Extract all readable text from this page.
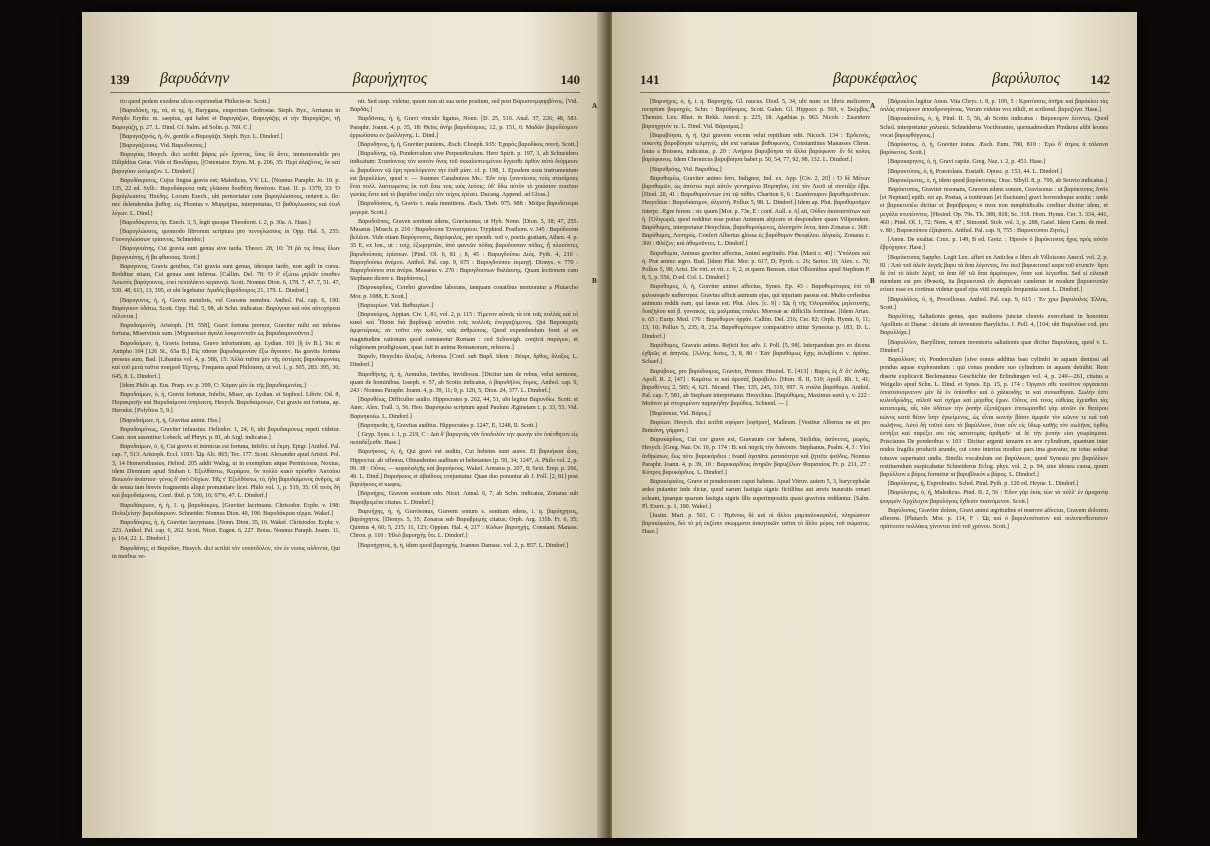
139 βαρυδάνην	140

rio quod pedem exedens ulcus exprimebat Philocte-te. Scott.]

[Βαρυδάκη, ης, τά, et ης, ή, Barygaza, emporium Gedrosiæ. Steph. Byz., Arrianus in Periplo Erythr. m. saepius, qui habet et Βαρυγάζων, Βαρυγάζης et τὴν Βαρυγάζαν, τῇ Βαρυγάζῃ, p. 27. L. Dind. Cf. Salm. ad Solin. p. 769. C.]

[Βαρυγαζηνός, ἡ, ὄν, gentile a Βαρυγάζα. Steph. Byz. L. Dindorf.]

[Βαρυγάζουσις. Vid. Βαρυδουπος.]

Βαρυγύας Hesych. dici scribit βάρος μὲν ἔχοντας, ἴσος δὲ ἄντε, immemorabile pro Diliphlius Getæ. Vide et Βουδάρας. [|Ostentator. Etym. M. p. 206, 35: Περὶ ἀλαζόνος, ὅν καὶ βαρυγύαν ώνόμαζον. L. Dindorf.]

Βαρυδάκρυτος, Cujus lingua gravis est; Maledicus, VV. LL. [Nonnus Paraphr. Jo. 10. p. 135, 22 ed. Sylb.: Βαρυδάκρυτα παῖς γλῶσσα δυσθέτη θανάτου. Eust. II. p. 1379, 33: Ὁ βαρύγλωσσος Ἠπέδης. Locum Ezech., ubi pernoctatur cum βαρυγλώσσους, notavit s. Ilo: nec delendendus βαθυχ. είς Phonius v. Μυρμήρια, interpretatus, Ὁ βαθύγλωσσος καὶ ἐτυδ λέγων. L. Dind.]

[Βαρυδάκρυτος ὀρ. Ezech. 3, 5, legit quoque Theodoret. t. 2, p. 30a. A. Hase.]

[Βαρυγλώσσος, quomodo librorum scriptura pro πενυγλώσσος in Opp. Hal. 5, 255: Γουνυγλώσσων τρίαινοις. Schneider.]

[Βαρυγυιάτης, Cui gravia sunt genua sive tarda. Theocr. 28, 10: Ἦ ῥά τις ὅπως ἔλων βαρυγυιάτης, ἢ βα φθαοσας. Scott.]

Βαρυγυνος, Gravis genibus, Cui gravia sunt genua, ideoque tardo, non agili in cursu. Redditur etiam, Cui genua sunt infirma. [Callim. Del. 78: Ὁ δ' ἐξώτω μηλῶν ἐπισθεν Ἀσωπὸς βαρύγουνος, ἐπεί πεπαλάκτο κεραυνῷ. Scott. Nonnus Dion. 6, 178. 7, 47. 7, 51. 47, 530. 48, 613, 13, 395, et ubi legebatur Αγαδός βαρύδουρος 21, 179. L. Dindorf.]

[Βαρυγυνος, ἡ, ἡ, Gravis membris, vel Gravans membra. Anthol. Pal. cap. 6, 190: Βαρύγυιον ὑδάτω, Scott. Opp. Hal. 5, 98, ab Schn. indicatus: Βαρύγυια καὶ οὐκ αὐτοχόρεια πέλονται.]

Βαρυδαιμονίη, Aristoph. [Ἡ. 558], Gravi fortuna premor, Graviter mihi est infensa fortuna, Miservimis sum. [Μηρικοὺων ἀγαλὰ λυκμτοντοῦν ὡς βαρυδαιμονοῦντα.]

Βαρυδαίμων, ἡ, Gravis fortuna, Gravo infortunium, ap. Lydian. 101 [ἢ ἐν Β.]. Sic et Antipho 104 [126 St., 65a B.] Εἰς πᾶσαν βαρυδαιμονίαν ἔξω ἄγουσιν. Ita graviis fortuna pressus sum, Bad. [Libanius vol. 4, p. 586, 15: Ἀλλὰ ταῦτα μὲν τῆς ὑστέρας βαρυδαιμονίας καὶ τοῦ μετὰ ταῦτα ποιηροῦ Τέχνης. Frequens apud Philonem, ut vol. 1, p. 505, 283. 395, 36; 645, 8. L. Dindorf.]

[Idem Philo ap. Eus. Præp. ev. p. 399, C: Χάραν μὲν ἐκ τῆς βαρυδαιμονίας.]

Βαρυδαίμων, ὁ, ἡ, Gravis fortunæ, Infelix, Miser, ap. Lydian. et Sophocl. Libriv. Od. 8, Παρακριτῆν καὶ Βαρυδαίμονα ὑπηλεκτη. Hesych. Βαρυδαιμονων, Cui gravis est fortuna, ap. Herodot. [Polybios 5, 9.]

[Βαρυδαίμων, ἡ, ἡ, Gravitas animi. Hes.]

Βαρυδαιμόνως, Graviter infaustus. Heliodor. 1, 24, 6, ubi βαρυδαιμόνως repeti videtur. Casn. non assentitur Lobeck. ad Phryn. p. 81, ab Argl. indicatus.]

Βαρυδαίμων, ὁ, ἡ, Cui gravis et inimicus est fortuna, Infelix: ut ἔκμη. Epigr. [Anthol. Pal. cap. 7, 513: Aristoph. Eccl. 1103: Ὦμ Alc. 865; Tec. 177. Scott. Alexander apud Aristot. Pol. 3, 14 Homerotbusius, Heliod. 205 addit Walzg, ut in exemplum atque Permicosus, Noxius, idem Diomium apud Stuban t. Ἐξελθάστω, Κεράμου, ὃν πολλὸ κακὸ πρὸσθεν Ἀκταίου Βοιωτόν ἀνάστου· γένος δ' ὑπὸ Οὐχίων. Ἠΐς τ' Ἐξελθόστω, τὸ, ἢδη βαρυδαίμονος ἀνδρὸς, ut de sensu tam brevis fragmentis aliqui pronuntiare licet. Philo vol. 1, p. 519, 35: Οἷ τινὸς δὴ καὶ βαρυδαίμονος. Conf. ibid. p. 530, 16; 67%, 47. L. Dindorf.]

Βαρυδάκρυον, ἡ, ἡ, 1. q. βαρυδάκρυς. [Graviter lacrimans. Chrisodor. Ecphr. v. 198: Πολυξείνην βαρυδάκρυον. Schneider. Nonnus Dion. 40, 196: Βαρυδάκρυα τέρμα. Wakef.]

Βαρυδάκρυς, ἡ, ἡ, Graviter lacrymans. [Nonn. Dion. 35, 16. Wakef. Christodor. Ecphr. v. 223. Anthol. Pal. cap. 6, 262. Scott. Nicet. Eugen. 6, 227. Boiss. Nonnus Paraph. Joann. 11, p. 164, 22. L. Dindorf.]

Βαρυδάνης, et Βαρύδαν, Hesych. dici scribit τὸν νοουτδόλον, τὸν ἐν νοσος αλδοντα, Qui in morbus ve-

nit. Sed susp. videtur, quum non sit sua serie positum, sed post Βαρυσυνμφαρβόνος. [Vid. Βαρδᾶς.]

Βαρδᾶναις, ἡ, ἡ, Gravi vinculo ligatus, Nonn. [D. 25, 510. Anal. 37, 226; 48, 583. Paraphr. Joann. 4, p. 35, 18: Θεῖος ἀνὴρ βαρυδέσμιος. 12, p. 151, 6: Μαδῶν βαρυδέσμιον ἐρρωλίσσω εν ζωέλληνης. L. Dind.]

[Βαρυδηνος, ἡ, ἡ, Graviter puniens, Æsch. Choeph. 935: Ἐχαρὸς βαρυδίκος ποινή. Scott.]

[Βαρυδίνης, τῷ, Ponderculum sive Perpendiculum. Hero Spirit. p. 197, 3, ab Schneidero indicatum: Στασίοντος τὸν κοινὸν ὄνος τοῦ ἐκκαλυπτειμένου ἔγγεσθε ἀρθὸν αὐτὸ διόρμουν ὡ. βαρυδινον τῷ ἐρη προελόμενον τὴν ἐπίθ μίαν. cf. p. 198, 1. Ejusdem usus instrumentum est βαρυλλίων, quod v. — Joannes Canabutzes Ms.: Ἐδν πόρ ξυνεπίεσος τοὺς στασίμους ἕναι πολλ. λαπτωμενος ἐκ τοῦ ἔσω τοις ιοὺς λεόοις: ὑδ' ὕδω αὐτὸν τὸ χοιόσιον ποιεῖται γωνίας ἔστε καὶ τὸ βαρύδνε ἰσαξει τὸν τείχος ἐρέσει. Ducang. Append. ad Gloss.]

[Βαρυδόσαος, ἡ, Gravis τ. mala immittens. Æsch. Theb. 975. 988 : Μοῖρα βαρυδότειρα μογερά. Scott.]

Βαρυδοῦπος, Graven sonitum edens, Gravisonus; ut Hyb. Nonn. [Dion. 5, 38; 47, 255. Musæus. [Musch. p. 216 : Βαρυδουπα Ἐννοσιγαίου. Tryphiod. Posthom. v. 345 : Βαρύδουπα βελέεσι. Vide etiam Βαρύγουνος, Βαρύφολος, per epenth. τοῦ ν, poetis gratiam, Athen. 4. p. 35 E, ex Ion., ut : τοίχ, ἐξωμηστῶν, ἀπὸ φαντῶν πόδας βαρυδουπαν πόδας, ᾗ πλυσόντες βαρυδούπους ἐρίσσων. [Pind. Ol. 6, 81 ; 8, 45 : Βαρυγδούπω Διός. Pyth. 4, 210 : Βαρυγδούπω ἀνέμου. Anthol. Pal. cap. 9, 675 : Βαρυγδούπου ἐκμαγῇ. Dionys. v. 770 : Βαρυγδούπου στα ἀνέρα. Musaeus v. 270 : Βαρυγδουπων θαλάσσης. Quam lectionem cum Stephano dicere ε. Βαρδάνους.]

[Βαρυκαρδιος, Cerebri gravedine laborans, tanquam conatibus memoratur a Plutarcho Mor. p. 1088, E. Scott.]

[Βαρυερίων. Vid. Βαθυερίων.]

[Βαρυκύμος, Appian. Civ. 1, 81, vol. 2, p. 115 : Τίμενον αὐτοῖς τὰ ἐπὶ τοῖς πολλάς καὶ τὸ κακὸ καὶ Ἦσσα διὰ βαρδυκῷ αὐταῖτο τοῖς πολλοῖς ἐνεργαζόμενος. Qui Βαρυκερεῖς ἀμφοτέρους. αν τοῦτο τὴν καλὸν, τοῖς ἀνθρώποις. Quod expendendum foret si ex magnitudine rationum quod constaretur Romam : ced Schweigh. conjicit παρέγων, et religionem prodigiosam, quae fuit in anima Romanorum, referens.]

Βαρυΐν, Hesychio ἄλαξος, Arborea. [Conf. sub Βαρδ. Idem : Βέαρι, δρθος, ἄλαξος. L. Dindorf.]

Βαρυθήκης, ἡ, ἡ, Aemulus, Invidus, Invidiosus. [Dicitur tam de rebus, velut sermone, quam de hominibus. Ioseph. v. 57, ab Scotto indicatus, ὁ βαρυδῆλος δομος. Anthol. cap. 9, 243 : Nonnus Paraphr. Joann. 4, p. 39, 11; 9, p. 120, 5; Dion. 24, 377. L. Dindorf.]

[Βαρυθέως, Difficulter audio. Hippocrates p. 262, 44, 51, ubi legitur Βαρυνδίω. Scott. et Anec. Alex. Trall. 3, 56. Heo. Βαρυηκόω scriptum apud Paulum Æginetam t. p. 33, 55. Vid. Βαρυηκοέω. L. Dindorf.]

[Βαρυηκοΐα, ἡ, Gravitas auditus. Hippocrates p. 1247, E, 1248, II. Scott.]

[ Gryp. Syns. t. 1, p. 219, C : Διὰ δ' βαρυγνάς νῦν ὅποδολόν τὴν φωνὴν τὸν ὀπένθητον εἰς πεπαδέξεσθε. Hase.]

Βαρυήκοος, ὁ, ἡ, Qui gravi est auditu, Cui hebetes sunt aures. Et βαρυήκοα ὦτα, Hippocrat. ab offensu, Obtundentes auditum et hebetantes [p. 50, 34; 1247, A. Philo vol. 2, p. 99. 38 : Οὖτος — κεφαλαλγῆς καὶ βαρυήκοος. Wakef. Aretæus p. 207, 8; Sext. Emp. p. 266, 49. L. Dind.] Βαρυήκοος et ἀβαίδους conjuntatur. Quae duo ponuntur ab J. Poll. [2, 81] post βαρυήκοος et κωφος.

[Βαρυήχος, Gravem sonitum edo. Nicet. Annal. 6, 7, ab Schn. indicatus, Zonaras sub Βαρυβρεμέτα citatus. L. Dindorf.]

Βαρυήχης, ἡ, ἡ, Gravisonus, Gravem sonum s. sonitum edens, i. q. βαρύηχητος, βαρύηχητος. [Dionys. 5, 35; Zonaras sub Βαρυβρεμής citatus; Orph. Arg. 135b. Fr. 6, 35; Quintus 4, 60; 5, 215; 11, 123; Oppian. Hal. 4, 217 : Κύδων βαρυηχής. Constant. Manass. Chron. p. 110 : Ἠλιὸ βαρυηχὴς ὅτι. L. Dindorf.]

[Βαρυήχητος, ἡ, ἡ, idem quod βαρυηχής. Joannes Damasc. vol. 2, p. 857. L. Dindorf.]

A
B
141	βαρυκέφαλος	βαρύλυπος 142

[Βαρυήχος, ὁ, ἡ, i. q. Βαρυηχής. Gl. raucus. Diod. 5, 34, ubi nunc ex libris meliorem receptum βαρυηχές. Schn. : Βαρύδρομος. Scott. Galen. Gl. Hippocr. p. 569, v. Σκέμβος. Themist. Lex. Rhet. in Bekk. Anecd. p. 225, 18. Agathias p. 963. Nicols : Σιωπᾶσιν βαρυηχητόν τε. L. Dind. Vid. Βάρισμας.]

[Βαρυβόησα, ἡ, ἡ, Qui gravem vocem velut reptilium edit. Nicoch. 134 : Ἐρδεινός, οὐκενὴς βαρυβόησα τελμηνές, ubi ext variatas βαθυφωνός. Constantinus Manasses Chron. louto a Boissou, indicatus, p. 20 : Ἀνήρου βαρυβόησα τὰ ἄλλα βαρύφωνα· ἔν δὲ κόλος βαρύφοινος. Idem Chronicus βαρυβόησα habet p. 50, 54, 77, 92, 98, 132. L. Dindorf.]

[Βαρυθρόης, Vid. Βαρυθόις.]

Βαρυθυμέω, Graviter animo fero, Indignor, Ind. ex. App. [Civ. 2, 20] : Ὁ δὲ Μέτων βαρυθυμῶν, ὡς ἀπέστω περὶ αὐτὸν γεννημένω Πομπηΐου, ἐπὶ τὸν Λεοῦ αἶ συντάξα ἐβρι. [Diod. 20, 41 : Βαρυθυμούντων ἐπὶ τῷ πάθει. Chariton 6, 6 : Σωσάνουρον βαρυθυμοῦντων. Hesychius : Βαρυδιάσιμον, ἀλγιστή. Pollux 5, 98. L. Dindorf.] Idem ap. Plut. βαρυθυμοῦμεν interpr. Ægre ferens : sic quum [Mor. p. 73e, E : conf. Aull. e. 6] ait, Οὐδεν ἀκαταστάτων καὶ ἡ. [Ὀλιγωρῶ, quod redditur esse potius Animum abjicere et despondere quam Vilipendere. Βαρύθυμος, interpretatur Hesychius, βαρυθυμούμενος, ἀλυπηρὸν ὄντα, item Zonaras c. 368 : Βαρύθυμος, Λυπηρὸς. Confert Albertus glossa ἐς βαρύθυμον Θεοφίλου. ἀλγικός. Zonaras c. 360 : Φλέζεν, καὶ ἀθυμοῦντες. L. Dindorf.]

Βαρυθυμία, Animus graviter affectus, Animi aegritudo. Plut. [Marii c. 40] : Ὑπόλυσε καὶ ἡ. Præ animo ægro. Bud. [Idem Plut. Mor. p. 617, D; Pyrrh. c. 26; Sertor. 10; Alex. c. 70; Pollux 5, 98; Arist. De virt. et vit. c. 6, 2, et quem Benson. citat Olbionibus apud Stephum P. 8, 5, p. 556, D ed. Col. L. Dindorf.]

Βαρύθυμος, ὁ, ἡ, Graviter animo affectus, Synes. Ep. 43 : Βαρυθυμότερος ἐπὶ τὸ φιλοσοφεῖν καθιστηκα. Gravius afficit animum ejus, qui injuriam passus est. Multo cerlesbus animum reddit eam, qui læsus est. Plut. Alex. [c. 9] : Ὡς ἢ τῆς Ὀλυμπιάδος μηλοτυπῆς, δυσζηλου καὶ β. γυναικός. εἰς μαλμαίας επαλει. Morosæ ac difficilis forminae. [Idem Artax. e. 65 ; Eurip. Med. 176 : Βαρύθυμον ὀργάν. Callim. Del. 216; Cer. 82; Orph. Hymn. 6, 11; 13, 10; Pollux 5, 235; 8, 21a. Βαρυθυμότερον comparativo utitur Synesius p. 183, D. L. Dindorf.]

Βαρύθυμος, Gravato animo. Rejicit hoc adv. J. Poll. [5, 98]. Interpandum pro eo dicens ἐχθρῶς et ἀπηνῶς. [Άλλης δεσες, 3, 8, 80 : Ἐάν βαρυθύμως ἔχῃς ἐκλαβέσαι ν. ἀράπο. Schaef.]

Βαρύβους, pro βαρύδουμος, Gravior, Premor. Hesiod. Ἐ. [413] : Βαρὺς ἐς δ' ὅτ' ἀνθής. Apoll. R. 2, [47] : Καμάτω τε καὶ ἀρεσάξ βαρύβελο. [Hom. Il. II, 519; Apoll. Rh. 1, 41; βαρυθέντες 2, 585; 4, 621. Nicand. Ther. 135, 245, 319, 997. Ἀ στάλα βαρύθυμα. Anthol. Pal. cap. 7, 581, ab Stephani interpretatur. Hesychius. [Βαρύθυμος, Maximus κατά γ. v. 222 : Μοῦνον μὲ στοχαμένον παρηκήδην βαρύθεις. Schneid. — ]

[Βαρύσκια, Vid. Βάρυς.]

Βαρύων. Hesych. dici scribit σφύραν [σφῦραν], Malleum. [Vestitur Albertus ne sit pro Βαϊκάνη, γάμραν.]

Βαρυκάρδιος, Cui cor grave est, Gravatum cor habens, Stolidus, ἀσύνετος, μωρὸς, Hesych. [Greg. Naz. Or. 10, p. 174 : Β. καὶ παχεῖς τὴν διάνοιαν. Stephanus, Psalm. 4, 3 : Υἱοὶ ἀνθρώπων, ἕως πότε βαρυκάρδιοι ; Ivantl ἀγαπᾶτε ματαιότητα καὶ ζητεῖτε ψεῦδος. Nonnus Paraphr. Joann. 4, p. 39, 10 : Βαρυκαρδίοις ἀνηρῶν βαρυζέλων Φαρισαίοις Fr. p. 211, 27 : Κύπρος βαρυκάρδιος. L. Dindorf.]

Βαρυκέφαλος, Grave et ponderosum caput habens. Apud Vitruv. autem 5, 3, barycephalæ ædes putantur inde dictæ, quod earum fastigia signis fictilibus aut æreis inauratis ornari soleant, ipsæque quarum fastigia signis illis superimpositis quasi graviora reddantur. [Salm. Pl. Exerc. p. 1, 190. Wakef.]

[Justin. Mart. p. 561, C : Ἡμῖνους δὲ καὶ οἱ ἄλλοι μαμπαλοκεφαλοί, πληρώσουν βαρυκέφαλοι, διὸ τὸ μὴ ἐκζέσιν σκωμματα ἀσκητικῶν ταῦτα τὸ ἄλλο μέρος τοῦ σώματος. Hase.]

[Βάρυκλοι legitur Anon. Vita Chrys. t. 8, p. 109, 5 : Κρατύσσες ἀπῆρε καὶ βαρύκλοι τὰς ὁπλὰς σπείροιον ἀποσδρονηάνιας. Verum videtur vox nihili, et scribend. βαρυζύγα. Hase.]

[Βαρυκάναλος, ὁ, ἡ, Pind. II. 5, 56, ab Scotto indicatus : Βαρυκομπν λέοντες. Quod Schol. interpretatur χαλαπέι. Schneiderus Vociferantes, quemadmodum Pindarus alibi leones vocat βαρυφθόγγους.]

[Βαρύκοτος, ὁ, ἡ, Graviter iratus. Æsch. Eum. 780, 810 : Ἐγὼ δ' ἀτμος ἁ τάλαινα βαρύκοτος. Scott.]

[Βαρυκαρηνος, ὁ, ἡ, Gravi capite. Greg. Naz. t. 2, p. 451. Hase.]

[Βαρυκτύπος, ὁ, ἡ, Præstolans. Eustath. Opusc. p. 153, 44. L. Dindorf.]

[Βαρυκέρωτες, ὁ, ἡ, idem quod βαρύκτυπος. Orac. Sibyll. 8, p. 700, ab Seuvio indicatus.]

Βαρύκτυπος, Graviter resonans, Gravem edens sonum, Gravisonus : ut βαρύκτυπος Jovis [et Neptuni] epith. est ap. Poetas, a tonitruum [et fluctuum] gravi horrendoque sonitu : unde et βαρυκτυπέω dicitur et βαρύβρομος e mox non mmphidicalis creditur dicitur idem, et μεγάλα κτυπέοντος. [Hesiod. Op. 79s. Th. 388, 818; Sc. 318. Hom. Hymn. Cer. 3. 334, 441, 460 ; Pind. Ol. 1, 72; Nem. 4, 87 ; Simonid. Stob. vol. 3, p. 288, Gaisf. Idem Carm. de med. v. 80 ; Βαρυκτύπου ἐξάψαστι. Anthol. Pal. cap. 9, 755 : Βαρυκτύπου Ζηνός.]

[Anon. De exaltat. Crux. p. 149, B ed. Gretz. : Ἠρινόν ὁ βαρύκτυπος ἤχος πρὸς αὐτὸν ἔβρόχησεν. Hase.]

[Βαρύκτυπος Sappho. Legit Lex. affert ex Anticlea e libro ab Villoisono Anecd. vol. 2, p. 81 : Ἀπὸ τοῦ ἀλεῖν λεγεῖς βαρυ τὰ ἄπα λέγοντος, ὅτε ἐκεῖ βαρυκτυπεῖ καρα τοῦ κτυπεῖν· ἄρτι δὲ ἐπὶ τὸ ἀλεῖν λέγεῖ, τὰ ἄπα ὄδ' τῶ ἄπα ἀμφότερον, ὅταν καὶ λέγεσθαι. Sed si εἰλοικᾶ mendum est pro ἐθνικοῖς, ita βαρυκτυπῶ εἶν deprecato candemn in modum βαρυκτυπῶν ετίαιν esse ex cortinus videtur quod ejus vitii exempla frequentia sunt. L. Dindorf.]

[Βαρυλάλος, ὁ, ἡ, Procellosus. Anthol. Pal. cap. 9, 615 : Ἐν χρω βαρυλαλος Ἑλλας. Scott.]

Βαρυλίτης, Saltationis genus, quo mulieres junctæ choreis exercebant in honorem Apollinis et Dianæ : dictum ab inventore Barylicho. J. Poll. 4, [104; ubi Βαρυλίκα cod. pro Βαρυλλίχα.]

[Βαρυλλίον, Barylliion, nomen inventoris saltationis quæ dicitur Βαρυλίκος, quod v. L. Dindorf.]

Βαρύλλιον, τὸ, Ponderculum [sive eonus additus basi cylindri in aquam demissi ad pondus aquae explorandum : qui conus pondere suo cylindrum in aquam deträhit. Rem diserte explicavit Beckmannus Geschichte der Erfindungen vol. 4, p. 240—261, citatus a Weigelio apud Schn. L. Dind. et Synes. Ep. 15, p. 174 : Ὀργανο σθε τοιοῦτον οργασεται ὁποσεσοσμνενον μὲν δὲ ἐν ὀπίσσθεν καὶ ὁ χάλκοιδής τε καὶ συνκαθήσαι. Σωλήν ἐστι κυλινδρώδης, αὐλοῦ καὶ σχήμα καὶ μέγεθος ἔχων. Οὗτος ἐπὶ τινος εὐθείας ἔχεισθαι τὰς κατατομάς, αἷς τῶν ὑδάτων τὴν ῥοπὴν ἐξετάζομεν ἐπιπωμασθεῖ γὰρ αὐτῶν ἐκ θατέρου κώνος κατὰ θέσιν ἴσην ἐγκείμενος, ὡς εἶναι κοινὴν βάσιν ἀμφοῖν τὸν κῶνον τε καὶ τοῦ σωλῆνος. Αὐτὸ δὴ τοῦτό ἐστι τὸ βαρύλλιον, ὅταν οὖν εἰς ὕδωρ καθῇς τὸν σωλῆνα, ὀρθὸς ἑστήξει καὶ παρέξει σοι τὰς κατατομὰς ἀριθμεῖν· αἱ δὲ τὴν ῥοπὴν εἰσι γνωρίσματα. Priscianus De ponderibus v. 103 : Dicitur argenti tenuem ex ære cylindrum, quantum inter nodos fragilis producit arundo, cui cono interius modico pars ima gravatur, ne totus sedeat totusve supernatet undis. Similis vocabulum est βαρύλκιον, quod Synesio pro βαρύλλιον restituendum suspicabatur Schneiderus Eclog. phys. vol. 2, p. 94, sine idonea causa, quum βαρύλλιον a βάρος formetur ut βαρυβλικόν a βάρος. L. Dindorf.]

[Βαρύλογος, ἡ, Exprobratio. Schol. Pind. Pyth. p. 120 ed. Heyne. L. Dindorf.]

[Βαρύλογος, ὁ, ἡ, Maledicus. Pind. II. 2, 56 : Ἐδον γὰρ ἐκὰς ἐὼν τὰ πόλλ' ἐν ἀμαχανίᾳ ψογερὸν Ἀρχίλοχον βαρυλόγοις ἔχθεσιν πιαινόμενον. Scott.]

Βαρύλυπος, Graviter dolens, Gravi animi ægritudine et mœrore affectus, Gravem dolorem afferens. [Plutarch. Mor. p. 114, F : Ὡς καὶ ὁ βαρυλυπότατον καὶ πολυπενθέστατον πράττοιτο πολλάκις γίνονται ὑπὸ τοῦ χρόνου. Scott.]

A
B
βαρυήχητος
